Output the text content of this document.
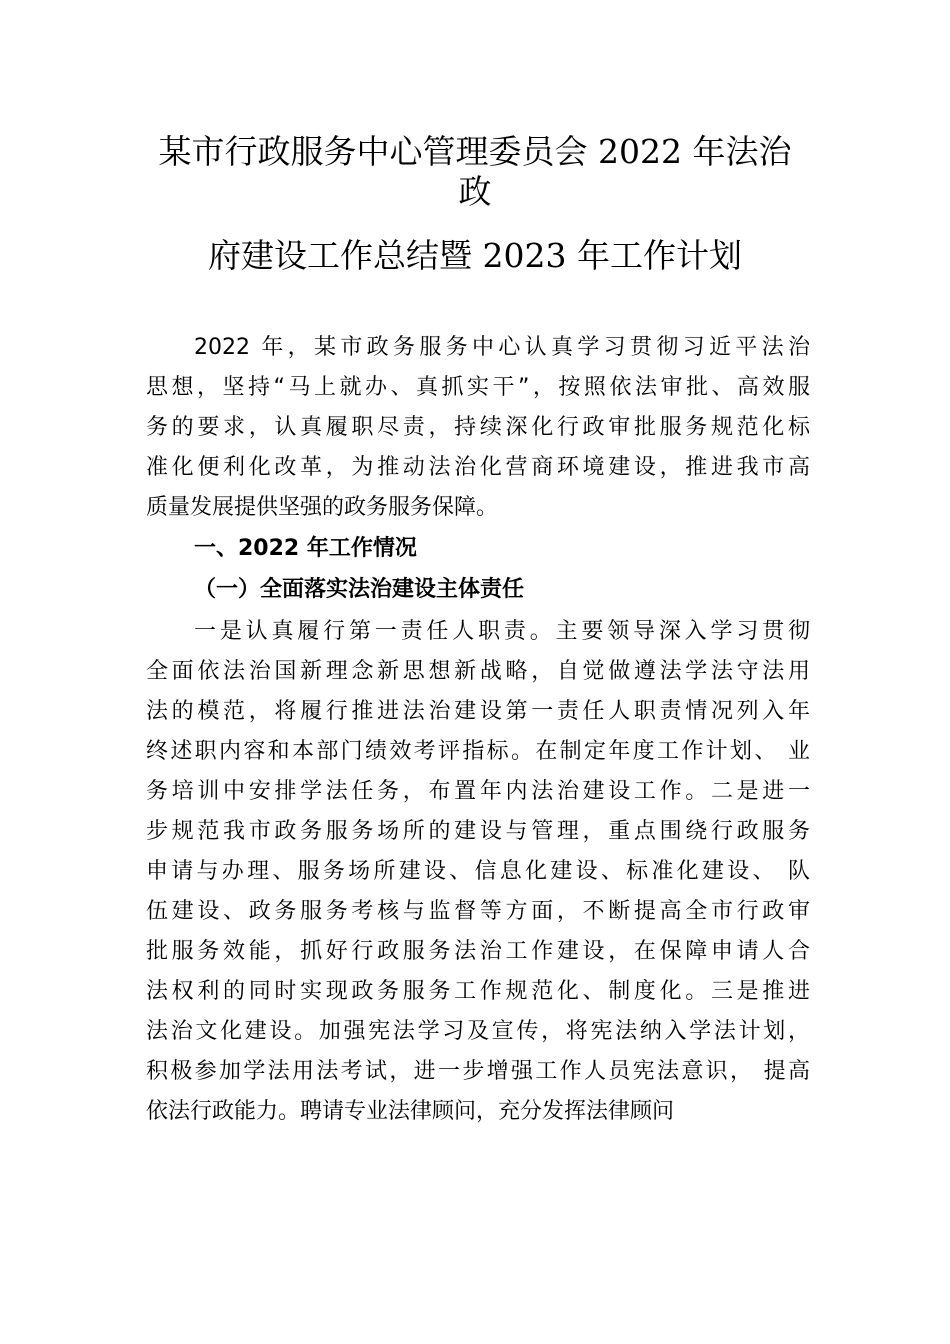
某市行政服务中心管理委员会 2022 年法治
政
府建设工作总结暨 2023 年工作计划
2022 年，某市政务服务中心认真学习贯彻习近平法治
思想，坚持“马上就办、真抓实干”，按照依法审批、高效服
务的要求，认真履职尽责，持续深化行政审批服务规范化标
准化便利化改革，为推动法治化营商环境建设，推进我市高
质量发展提供坚强的政务服务保障。
一、2022 年工作情况
（一）全面落实法治建设主体责任
一是认真履行第一责任人职责。主要领导深入学习贯彻
全面依法治国新理念新思想新战略，自觉做遵法学法守法用
法的模范，将履行推进法治建设第一责任人职责情况列入年
终述职内容和本部门绩效考评指标。在制定年度工作计划、 业
务培训中安排学法任务，布置年内法治建设工作。二是进一
步规范我市政务服务场所的建设与管理，重点围绕行政服务
申请与办理、服务场所建设、信息化建设、标准化建设、 队
伍建设、政务服务考核与监督等方面，不断提高全市行政审
批服务效能，抓好行政服务法治工作建设，在保障申请人合
法权利的同时实现政务服务工作规范化、制度化。三是推进
法治文化建设。加强宪法学习及宣传，将宪法纳入学法计划，
积极参加学法用法考试，进一步增强工作人员宪法意识， 提高
依法行政能力。聘请专业法律顾问，充分发挥法律顾问
